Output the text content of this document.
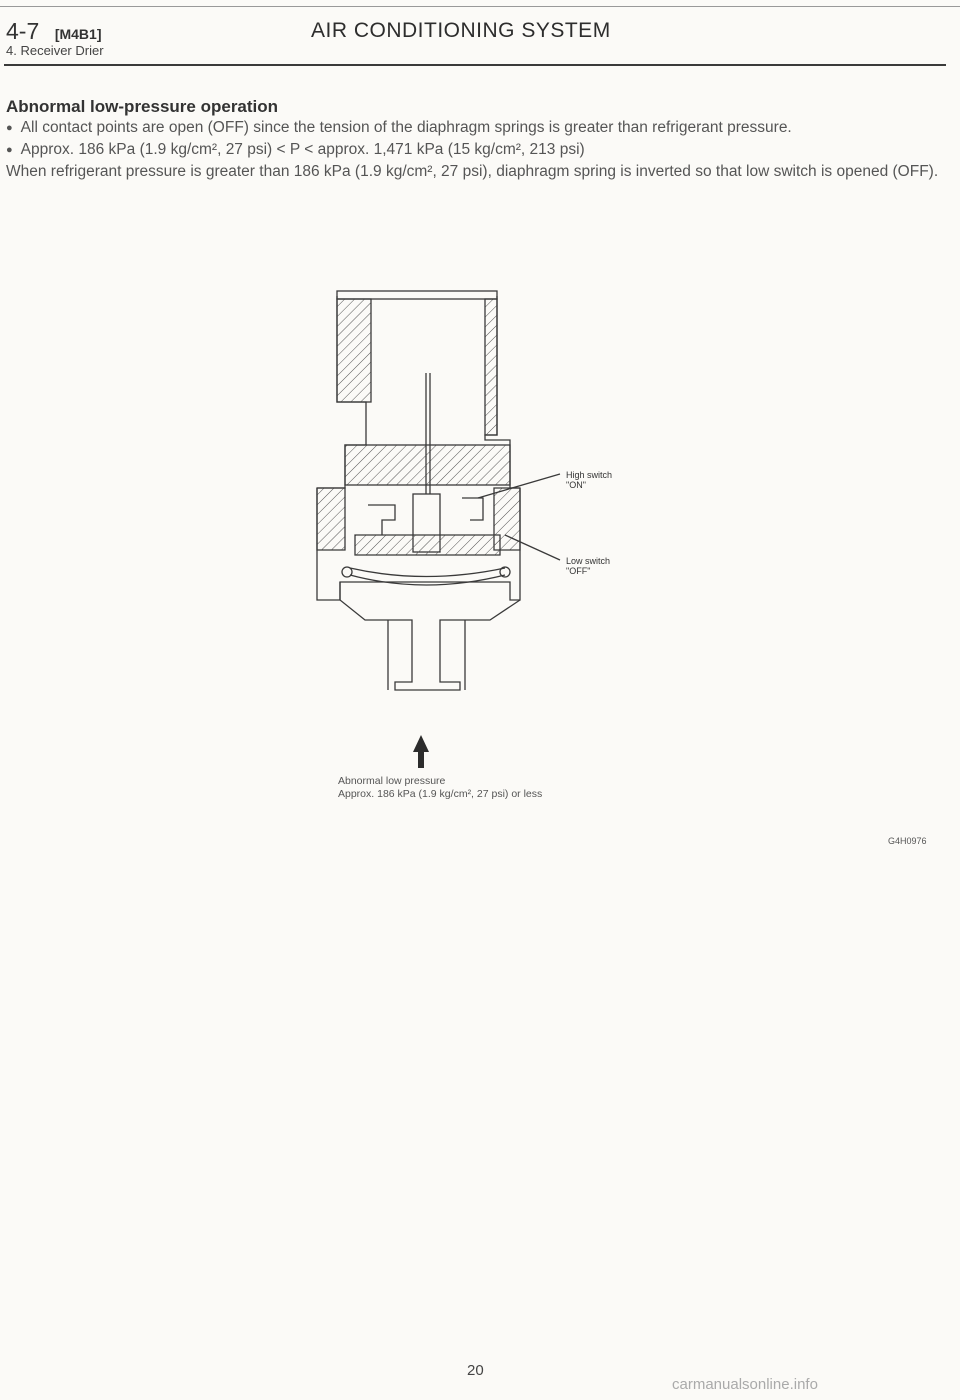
4-7 [M4B1]
4. Receiver Drier
AIR CONDITIONING SYSTEM

Abnormal low-pressure operation

● All contact points are open (OFF) since the tension of the diaphragm springs is greater than refrigerant pressure.

● Approx. 186 kPa (1.9 kg/cm², 27 psi) < P < approx. 1,471 kPa (15 kg/cm², 213 psi)

When refrigerant pressure is greater than 186 kPa (1.9 kg/cm², 27 psi), diaphragm spring is inverted so that low switch is opened (OFF).

High switch
"ON"
Low switch
"OFF"
Abnormal low pressure
Approx. 186 kPa (1.9 kg/cm², 27 psi) or less
G4H0976
20
carmanualsonline.info
